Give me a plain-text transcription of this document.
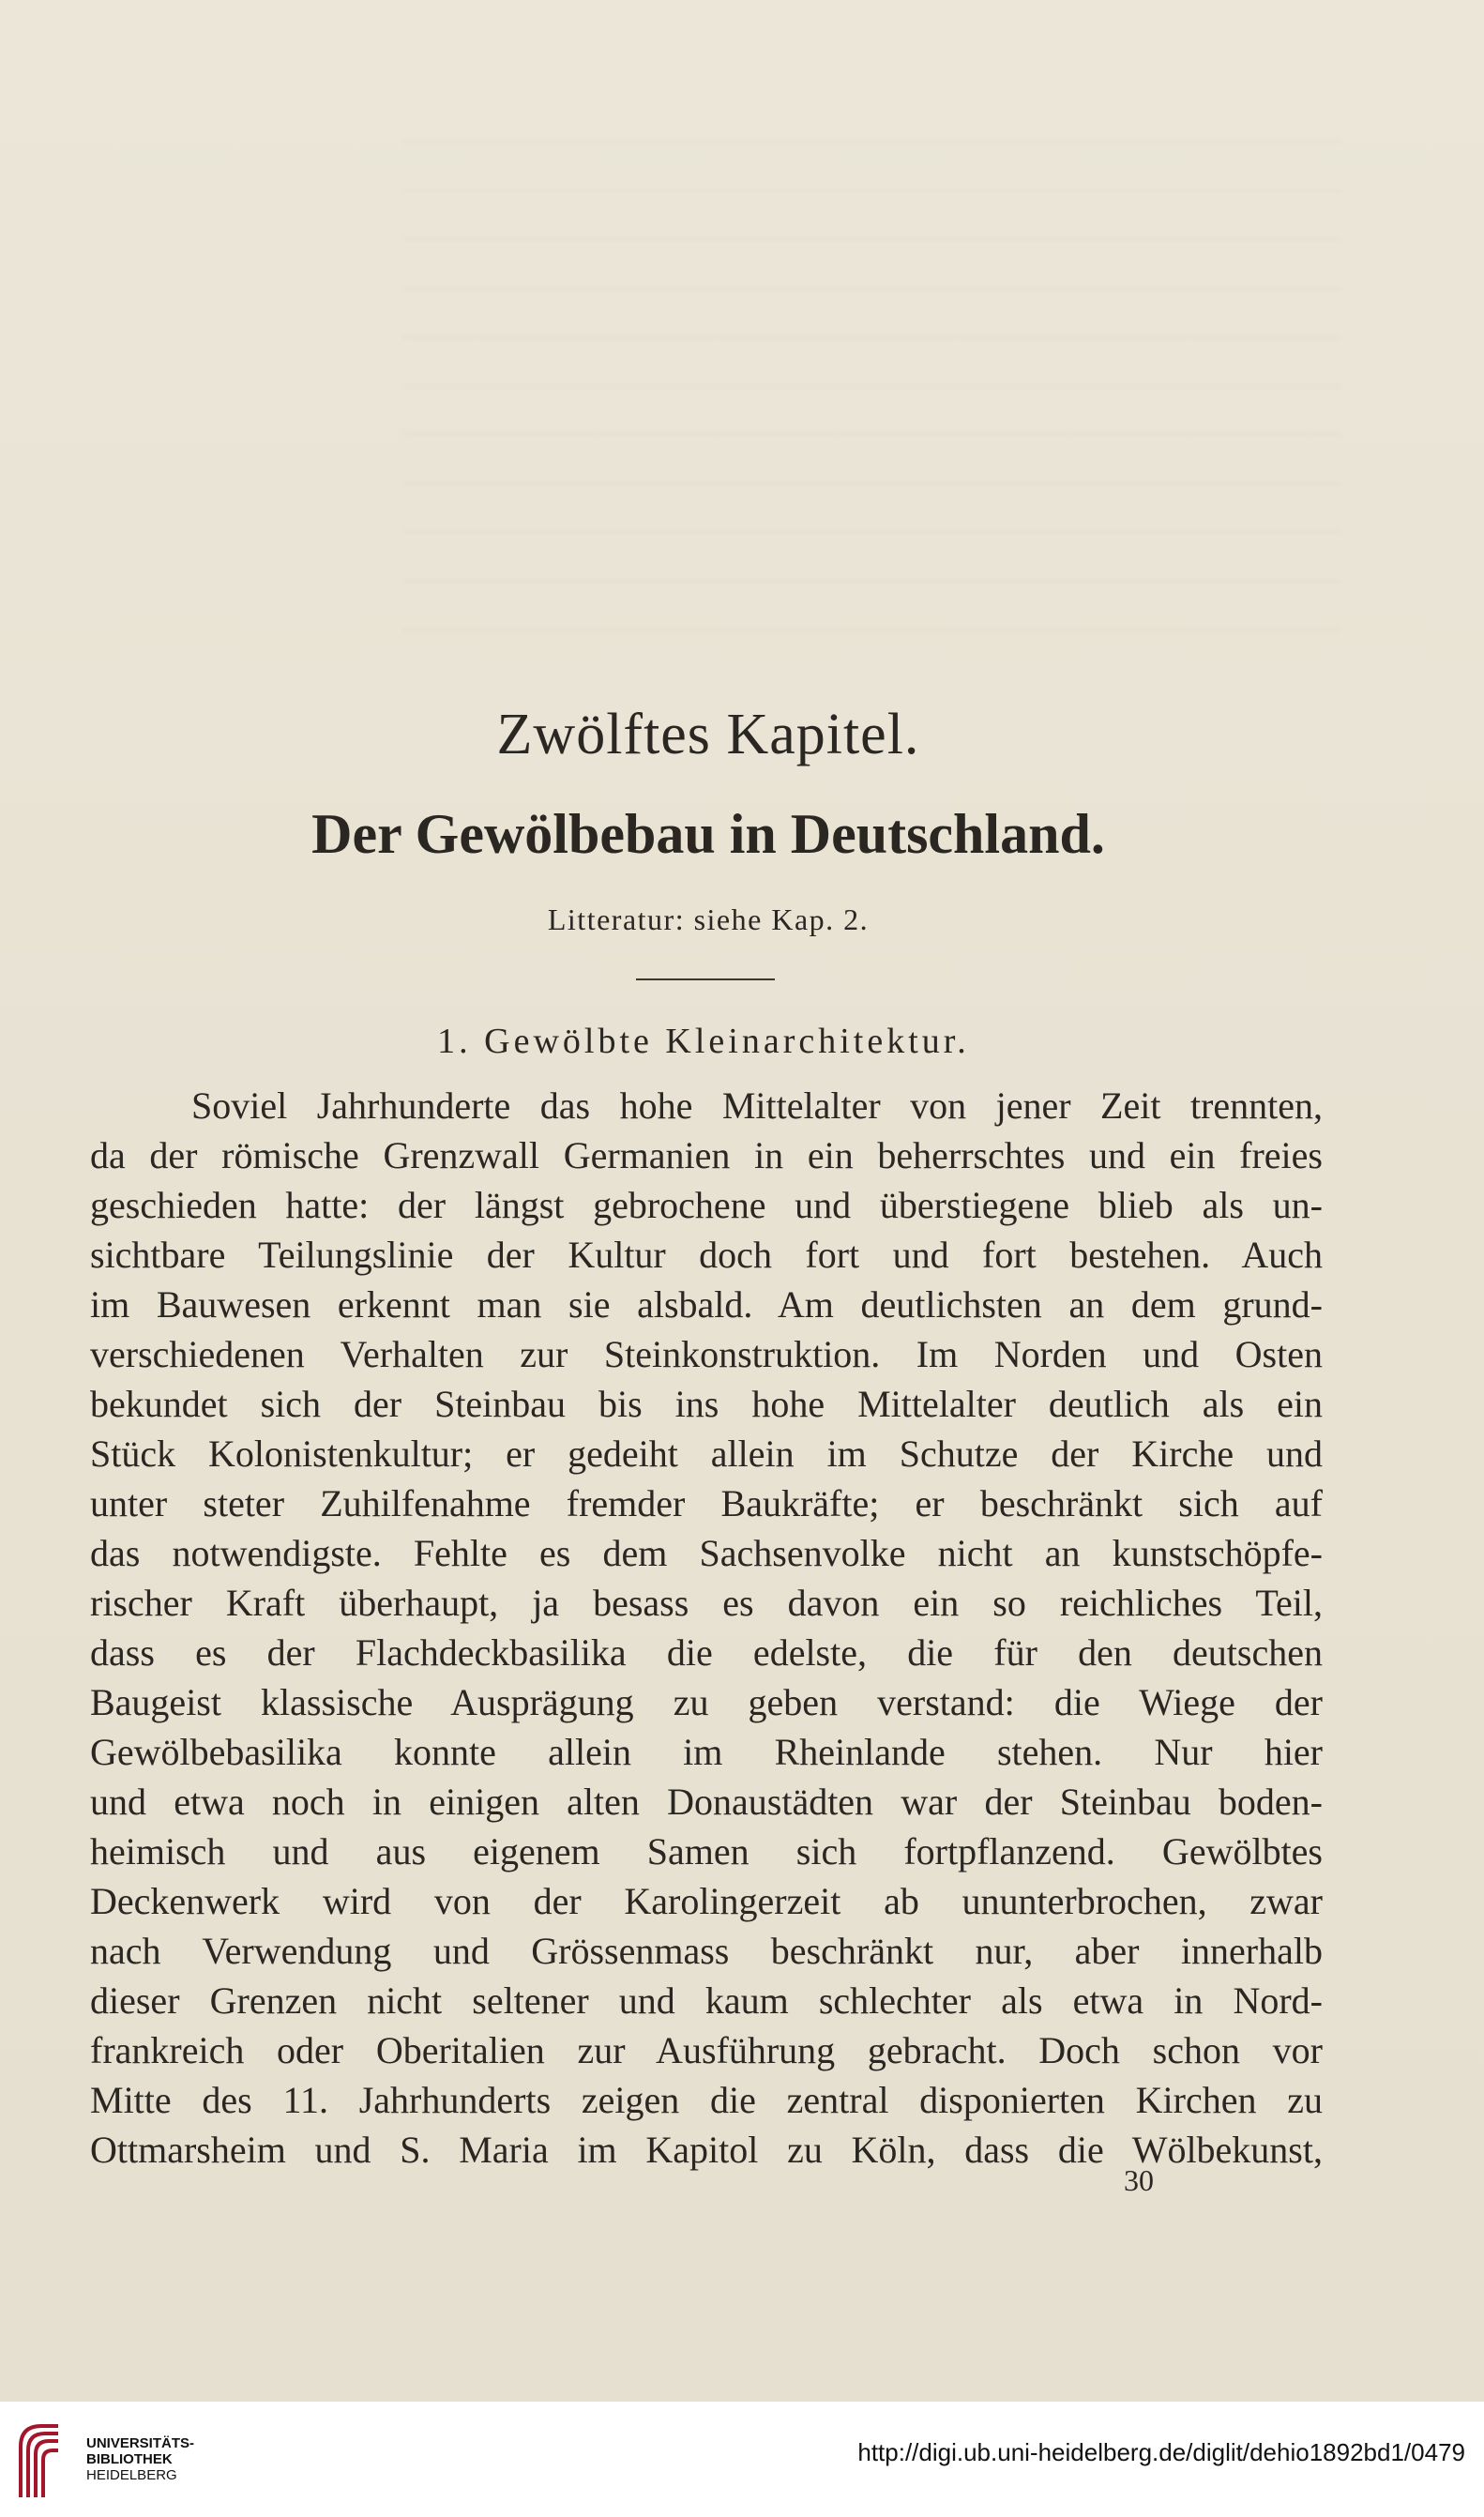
Zwölftes Kapitel.
Der Gewölbebau in Deutschland.
Litteratur: siehe Kap. 2.
1. Gewölbte Kleinarchitektur.
Soviel Jahrhunderte das hohe Mittelalter von jener Zeit trennten,
da der römische Grenzwall Germanien in ein beherrschtes und ein freies
geschieden hatte: der längst gebrochene und überstiegene blieb als un-
sichtbare Teilungslinie der Kultur doch fort und fort bestehen. Auch
im Bauwesen erkennt man sie alsbald. Am deutlichsten an dem grund-
verschiedenen Verhalten zur Steinkonstruktion. Im Norden und Osten
bekundet sich der Steinbau bis ins hohe Mittelalter deutlich als ein
Stück Kolonistenkultur; er gedeiht allein im Schutze der Kirche und
unter steter Zuhilfenahme fremder Baukräfte; er beschränkt sich auf
das notwendigste. Fehlte es dem Sachsenvolke nicht an kunstschöpfe-
rischer Kraft überhaupt, ja besass es davon ein so reichliches Teil,
dass es der Flachdeckbasilika die edelste, die für den deutschen
Baugeist klassische Ausprägung zu geben verstand: die Wiege der
Gewölbebasilika konnte allein im Rheinlande stehen. Nur hier
und etwa noch in einigen alten Donaustädten war der Steinbau boden-
heimisch und aus eigenem Samen sich fortpflanzend. Gewölbtes
Deckenwerk wird von der Karolingerzeit ab ununterbrochen, zwar
nach Verwendung und Grössenmass beschränkt nur, aber innerhalb
dieser Grenzen nicht seltener und kaum schlechter als etwa in Nord-
frankreich oder Oberitalien zur Ausführung gebracht. Doch schon vor
Mitte des 11. Jahrhunderts zeigen die zentral disponierten Kirchen zu
Ottmarsheim und S. Maria im Kapitol zu Köln, dass die Wölbekunst,
30
UNIVERSITÄTS-
BIBLIOTHEK
HEIDELBERG
http://digi.ub.uni-heidelberg.de/diglit/dehio1892bd1/0479
